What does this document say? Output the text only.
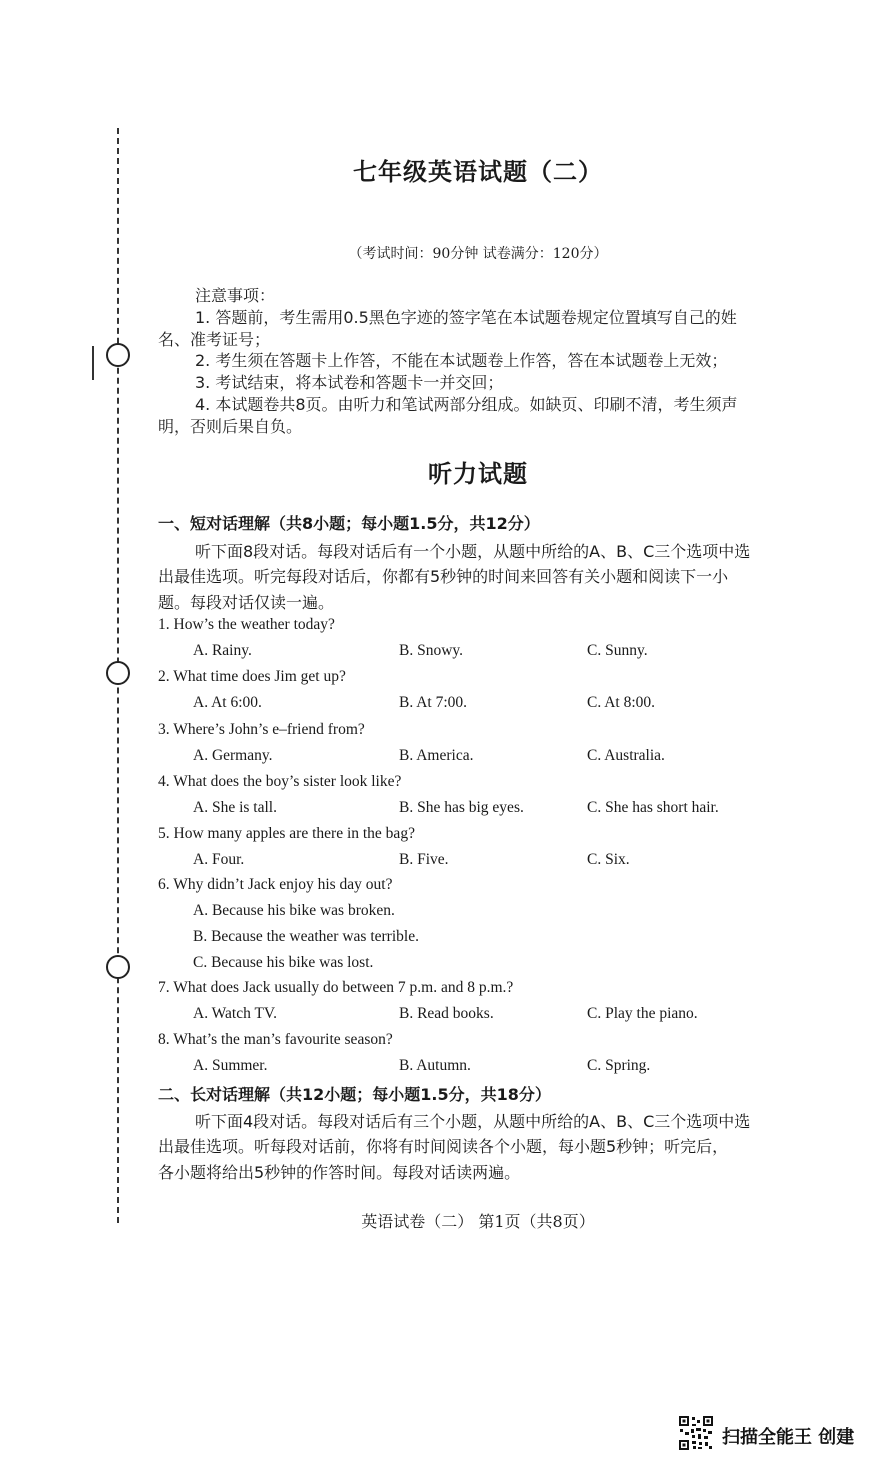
七年级英语试题（二）
（考试时间：90分钟 试卷满分：120分）
注意事项：
1. 答题前，考生需用0.5黑色字迹的签字笔在本试题卷规定位置填写自己的姓
名、准考证号；
2. 考生须在答题卡上作答，不能在本试题卷上作答，答在本试题卷上无效；
3. 考试结束，将本试卷和答题卡一并交回；
4. 本试题卷共8页。由听力和笔试两部分组成。如缺页、印刷不清，考生须声
明，否则后果自负。
听力试题
一、短对话理解（共8小题；每小题1.5分，共12分）
听下面8段对话。每段对话后有一个小题，从题中所给的A、B、C三个选项中选
出最佳选项。听完每段对话后，你都有5秒钟的时间来回答有关小题和阅读下一小
题。每段对话仅读一遍。
1. How’s the weather today?
A. Rainy.	B. Snowy.	C. Sunny.
2. What time does Jim get up?
A. At 6:00.	B. At 7:00.	C. At 8:00.
3. Where’s John’s e–friend from?
A. Germany.	B. America.	C. Australia.
4. What does the boy’s sister look like?
A. She is tall.	B. She has big eyes.	C. She has short hair.
5. How many apples are there in the bag?
A. Four.	B. Five.	C. Six.
6. Why didn’t Jack enjoy his day out?
A. Because his bike was broken.
B. Because the weather was terrible.
C. Because his bike was lost.
7. What does Jack usually do between 7 p.m. and 8 p.m.?
A. Watch TV.	B. Read books.	C. Play the piano.
8. What’s the man’s favourite season?
A. Summer.	B. Autumn.	C. Spring.
二、长对话理解（共12小题；每小题1.5分，共18分）
听下面4段对话。每段对话后有三个小题，从题中所给的A、B、C三个选项中选
出最佳选项。听每段对话前，你将有时间阅读各个小题，每小题5秒钟；听完后，
各小题将给出5秒钟的作答时间。每段对话读两遍。
英语试卷（二） 第1页（共8页）
扫描全能王 创建
